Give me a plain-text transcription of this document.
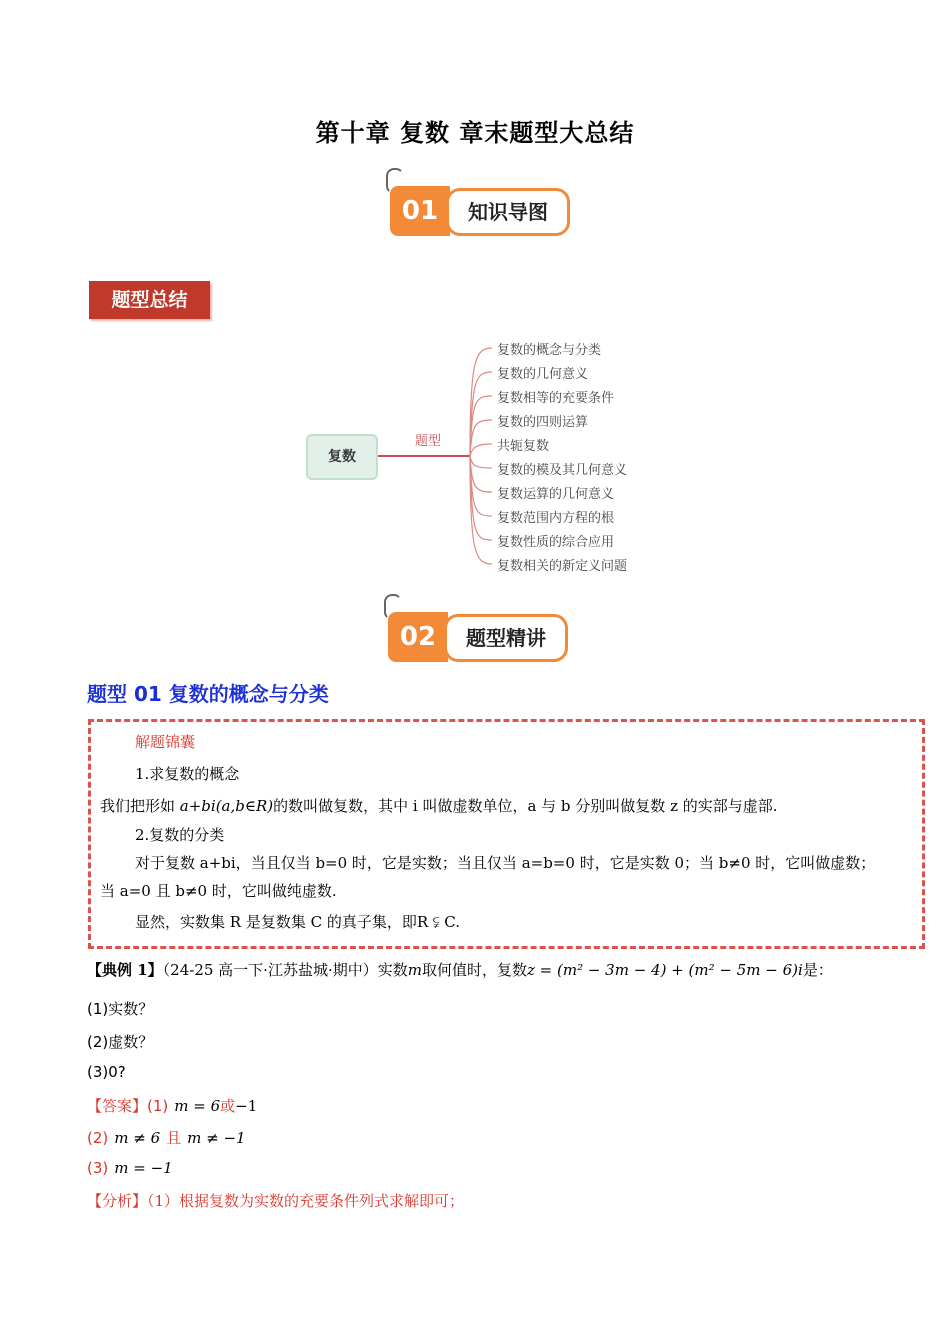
第十章 复数 章末题型大总结
01	知识导图
题型总结
复数
题型
复数的概念与分类
复数的几何意义
复数相等的充要条件
复数的四则运算
共轭复数
复数的模及其几何意义
复数运算的几何意义
复数范围内方程的根
复数性质的综合应用
复数相关的新定义问题
02	题型精讲
题型 01 复数的概念与分类
解题锦囊
1.求复数的概念
我们把形如 a+bi(a,b∈R)的数叫做复数，其中 i 叫做虚数单位，a 与 b 分别叫做复数 z 的实部与虚部.
2.复数的分类
对于复数 a+bi，当且仅当 b=0 时，它是实数；当且仅当 a=b=0 时，它是实数 0；当 b≠0 时，它叫做虚数；
当 a=0 且 b≠0 时，它叫做纯虚数.
显然，实数集 R 是复数集 C 的真子集，即R ⫋ C.
【典例 1】（24-25 高一下·江苏盐城·期中）实数m取何值时，复数z = (m² − 3m − 4) + (m² − 5m − 6)i是：
(1)实数？
(2)虚数？
(3)0?
【答案】(1) m = 6或−1
(2) m ≠ 6 且 m ≠ −1
(3) m = −1
【分析】（1）根据复数为实数的充要条件列式求解即可；
